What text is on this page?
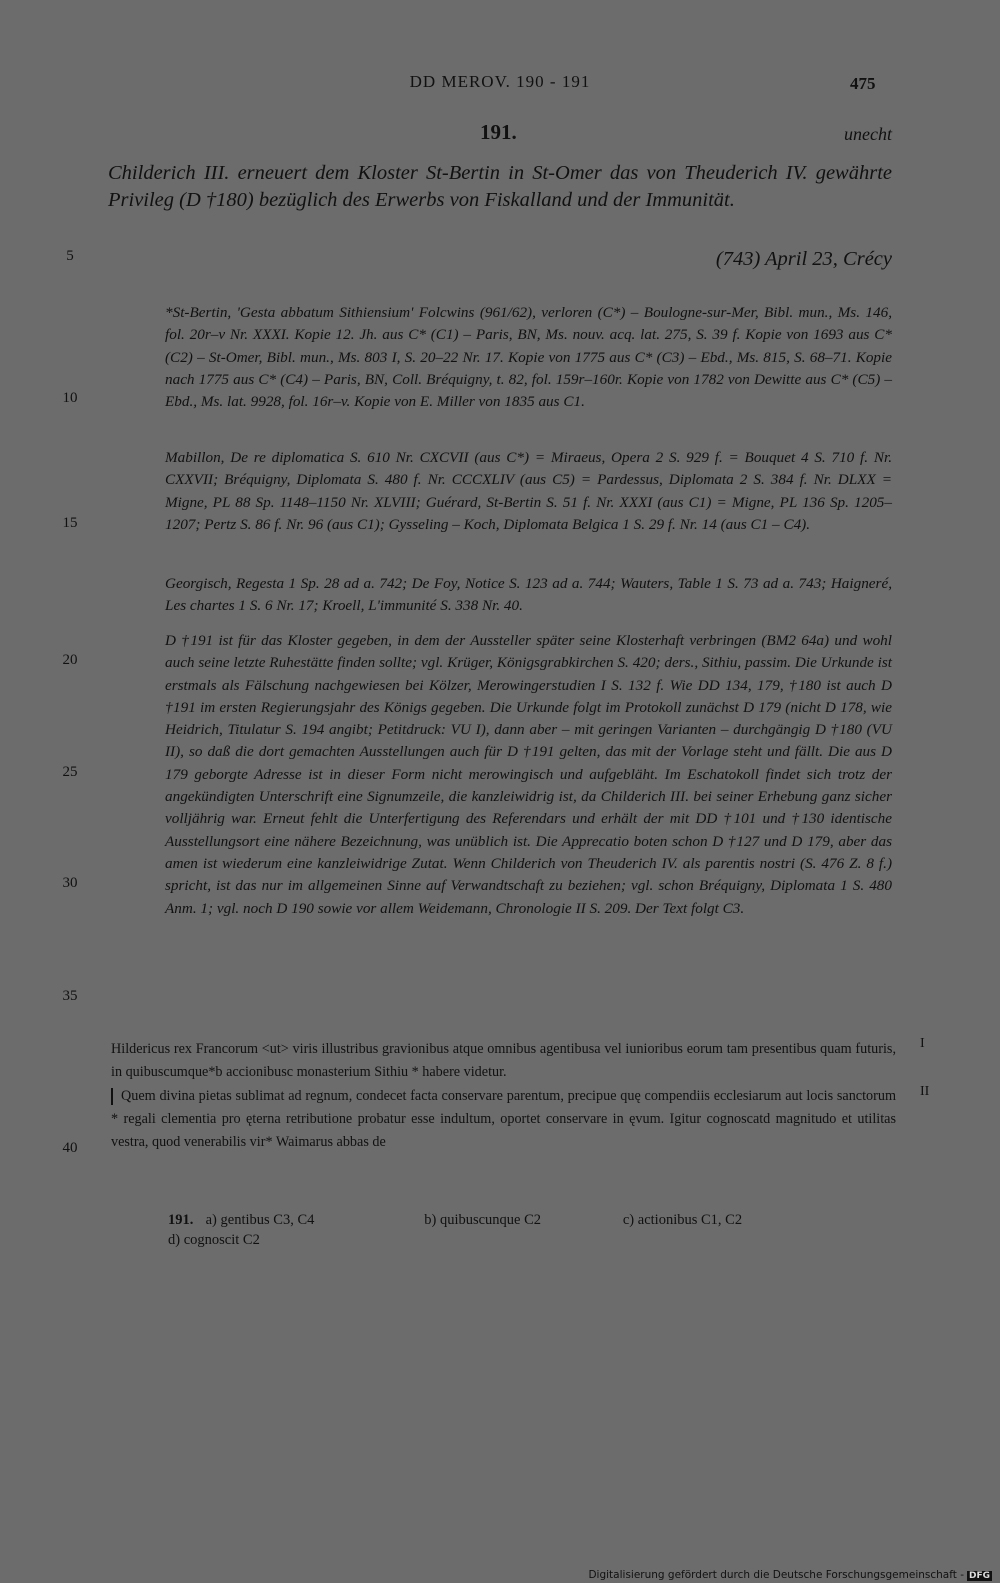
DD MEROV. 190 - 191	475
191.	unecht
Childerich III. erneuert dem Kloster St-Bertin in St-Omer das von Theuderich IV. gewährte Privileg (D †180) bezüglich des Erwerbs von Fiskalland und der Immunität.
(743) April 23, Crécy
5
10
15
20
25
30
35
40
*St-Bertin, 'Gesta abbatum Sithiensium' Folcwins (961/62), verloren (C*) – Boulogne-sur-Mer, Bibl. mun., Ms. 146, fol. 20r–v Nr. XXXI. Kopie 12. Jh. aus C* (C1) – Paris, BN, Ms. nouv. acq. lat. 275, S. 39 f. Kopie von 1693 aus C* (C2) – St-Omer, Bibl. mun., Ms. 803 I, S. 20–22 Nr. 17. Kopie von 1775 aus C* (C3) – Ebd., Ms. 815, S. 68–71. Kopie nach 1775 aus C* (C4) – Paris, BN, Coll. Bréquigny, t. 82, fol. 159r–160r. Kopie von 1782 von Dewitte aus C* (C5) – Ebd., Ms. lat. 9928, fol. 16r–v. Kopie von E. Miller von 1835 aus C1.
Mabillon, De re diplomatica S. 610 Nr. CXCVII (aus C*) = Miraeus, Opera 2 S. 929 f. = Bouquet 4 S. 710 f. Nr. CXXVII; Bréquigny, Diplomata S. 480 f. Nr. CCCXLIV (aus C5) = Pardessus, Diplomata 2 S. 384 f. Nr. DLXX = Migne, PL 88 Sp. 1148–1150 Nr. XLVIII; Guérard, St-Bertin S. 51 f. Nr. XXXI (aus C1) = Migne, PL 136 Sp. 1205–1207; Pertz S. 86 f. Nr. 96 (aus C1); Gysseling – Koch, Diplomata Belgica 1 S. 29 f. Nr. 14 (aus C1 – C4).
Georgisch, Regesta 1 Sp. 28 ad a. 742; De Foy, Notice S. 123 ad a. 744; Wauters, Table 1 S. 73 ad a. 743; Haigneré, Les chartes 1 S. 6 Nr. 17; Kroell, L'immunité S. 338 Nr. 40.
D †191 ist für das Kloster gegeben, in dem der Aussteller später seine Klosterhaft verbringen (BM2 64a) und wohl auch seine letzte Ruhestätte finden sollte; vgl. Krüger, Königsgrabkirchen S. 420; ders., Sithiu, passim. Die Urkunde ist erstmals als Fälschung nachgewiesen bei Kölzer, Merowingerstudien I S. 132 f. Wie DD 134, 179, †180 ist auch D †191 im ersten Regierungsjahr des Königs gegeben. Die Urkunde folgt im Protokoll zunächst D 179 (nicht D 178, wie Heidrich, Titulatur S. 194 angibt; Petitdruck: VU I), dann aber – mit geringen Varianten – durchgängig D †180 (VU II), so daß die dort gemachten Ausstellungen auch für D †191 gelten, das mit der Vorlage steht und fällt. Die aus D 179 geborgte Adresse ist in dieser Form nicht merowingisch und aufgebläht. Im Eschatokoll findet sich trotz der angekündigten Unterschrift eine Signumzeile, die kanzleiwidrig ist, da Childerich III. bei seiner Erhebung ganz sicher volljährig war. Erneut fehlt die Unterfertigung des Referendars und erhält der mit DD †101 und †130 identische Ausstellungsort eine nähere Bezeichnung, was unüblich ist. Die Apprecatio boten schon D †127 und D 179, aber das amen ist wiederum eine kanzleiwidrige Zutat. Wenn Childerich von Theuderich IV. als parentis nostri (S. 476 Z. 8 f.) spricht, ist das nur im allgemeinen Sinne auf Verwandtschaft zu beziehen; vgl. schon Bréquigny, Diplomata 1 S. 480 Anm. 1; vgl. noch D 190 sowie vor allem Weidemann, Chronologie II S. 209. Der Text folgt C3.
Hildericus rex Francorum <ut> viris illustribus gravionibus atque omnibus agentibusa vel iunioribus eorum tam presentibus quam futuris, in quibuscumque*b accionibusc monasterium Sithiu * habere videtur.
Quem divina pietas sublimat ad regnum, condecet facta conservare parentum, precipue quę compendiis ecclesiarum aut locis sanctorum * regali clementia pro ęterna retributione probatur esse indultum, oportet conservare in ęvum. Igitur cognoscatd magnitudo et utilitas vestra, quod venerabilis vir* Waimarus abbas de
I
II
191. a) gentibus C3, C4	b) quibuscunque C2	c) actionibus C1, C2
d) cognoscit C2
Digitalisierung gefördert durch die Deutsche Forschungsgemeinschaft - DFG
